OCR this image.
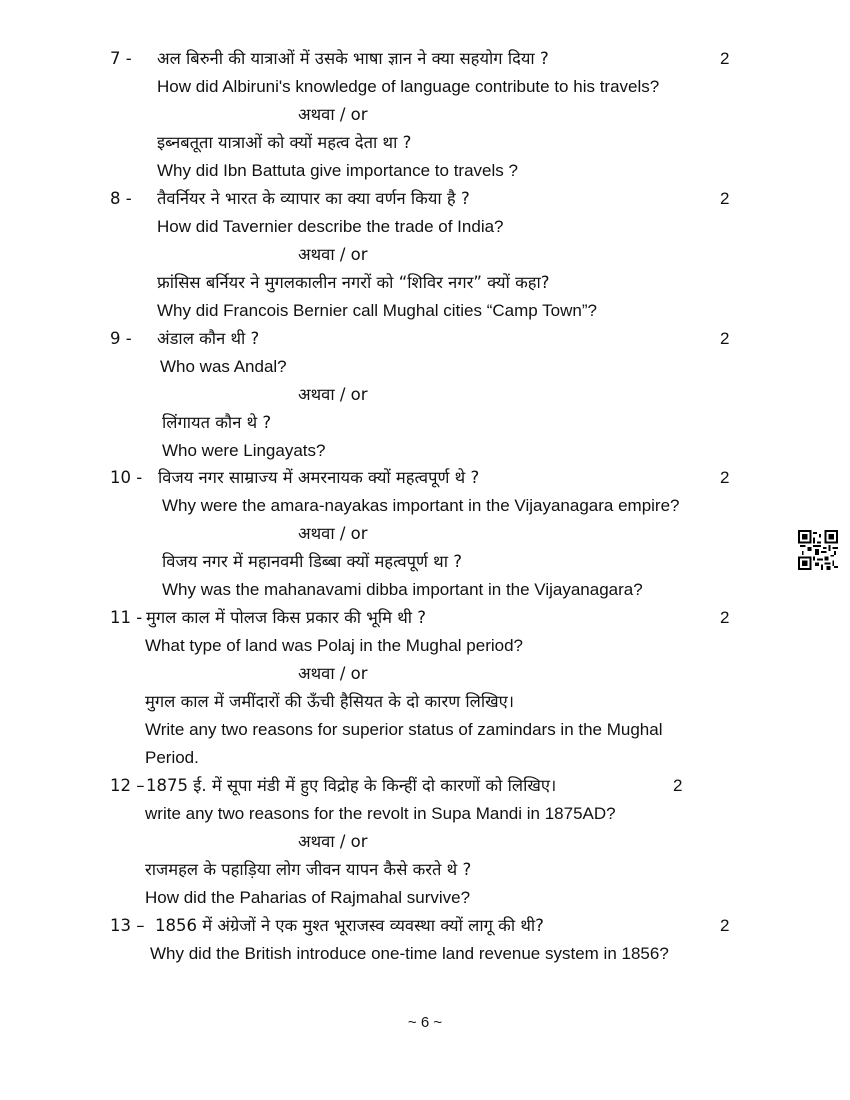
7 - अल बिरुनी की यात्राओं में उसके भाषा ज्ञान ने क्या सहयोग दिया ?	2
How did Albiruni's knowledge of language contribute to his travels?
अथवा / or
इब्नबतूता यात्राओं को क्यों महत्व देता था ?
Why did Ibn Battuta give importance to travels ?
8 - तैवर्नियर ने भारत के व्यापार का क्या वर्णन किया है ?	2
How did Tavernier describe the trade of India?
अथवा / or
फ्रांसिस बर्नियर ने मुगलकालीन नगरों को “शिविर नगर” क्यों कहा?
Why did Francois Bernier call Mughal cities “Camp Town”?
9 - अंडाल कौन थी ?	2
Who was Andal?
अथवा / or
लिंगायत कौन थे ?
Who were Lingayats?
10 - विजय नगर साम्राज्य में अमरनायक क्यों महत्वपूर्ण थे ?	2
Why were the amara-nayakas important in the Vijayanagara empire?
अथवा / or
विजय नगर में महानवमी डिब्बा क्यों महत्वपूर्ण था ?
Why was the mahanavami dibba important in the Vijayanagara?
11 - मुगल काल में पोलज किस प्रकार की भूमि थी ?	2
What type of land was Polaj in the Mughal period?
अथवा / or
मुगल काल में जमींदारों की ऊँची हैसियत के दो कारण लिखिए।
Write any two reasons for superior status of zamindars in the Mughal
Period.
12 – 1875 ई. में सूपा मंडी में हुए विद्रोह के किन्हीं दो कारणों को लिखिए।	2
write any two reasons for the revolt in Supa Mandi in 1875AD?
अथवा / or
राजमहल के पहाड़िया लोग जीवन यापन कैसे करते थे ?
How did the Paharias of Rajmahal survive?
13 – 1856 में अंग्रेजों ने एक मुश्त भूराजस्व व्यवस्था क्यों लागू की थी?	2
Why did the British introduce one-time land revenue system in 1856?
~ 6 ~
